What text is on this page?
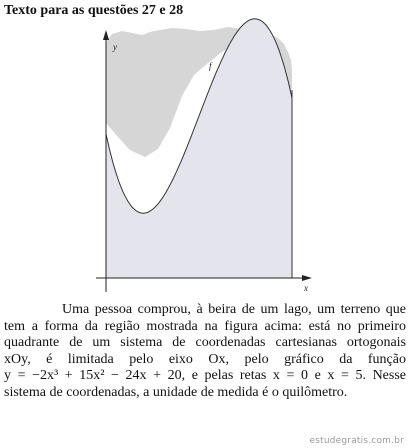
Texto para as questões 27 e 28
y
x
f

Uma pessoa comprou, à beira de um lago, um terreno que
tem a forma da região mostrada na figura acima: está no primeiro
quadrante de um sistema de coordenadas cartesianas ortogonais
xOy, é limitada pelo eixo Ox, pelo gráfico da função
y = −2x³ + 15x² − 24x + 20, e pelas retas x = 0 e x = 5. Nesse
sistema de coordenadas, a unidade de medida é o quilômetro.

estudegratis.com.br
